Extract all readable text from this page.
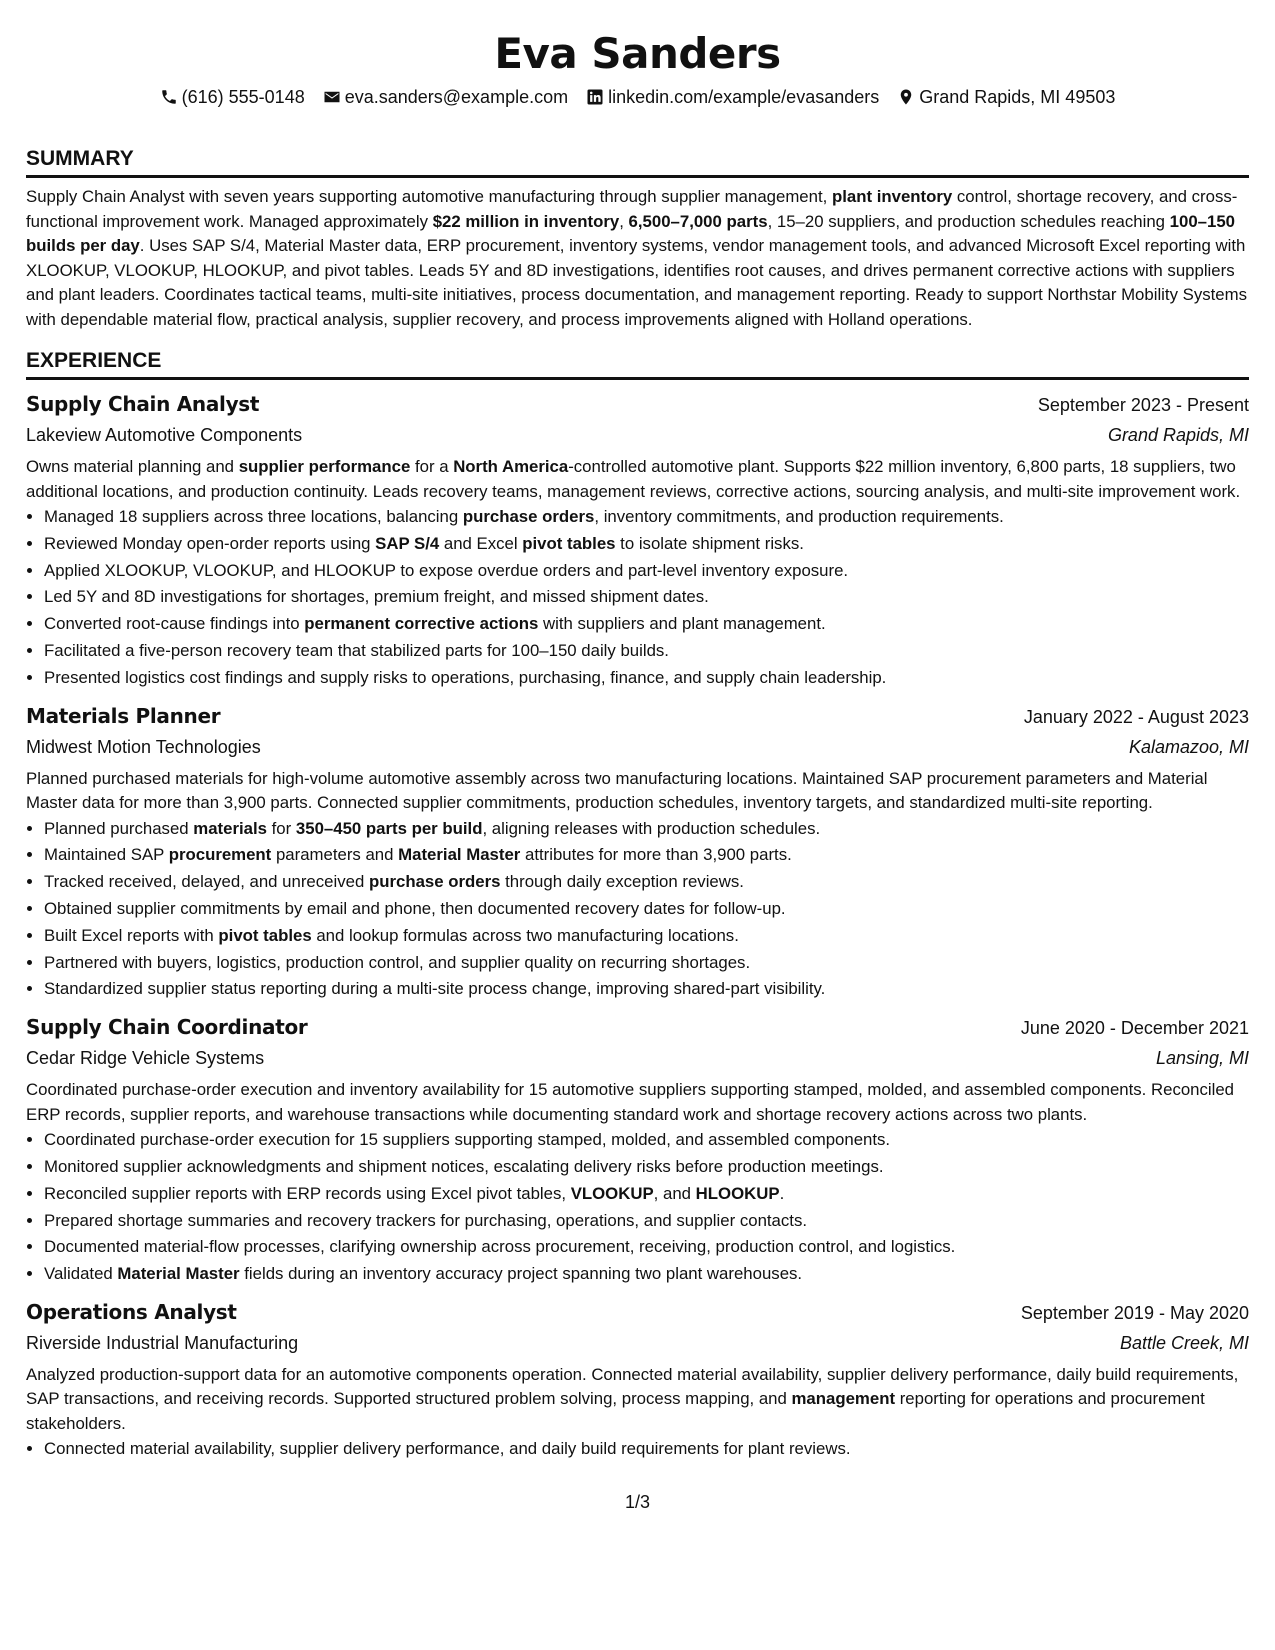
Eva Sanders
(616) 555-0148 eva.sanders@example.com linkedin.com/example/evasanders Grand Rapids, MI 49503
SUMMARY

Supply Chain Analyst with seven years supporting automotive manufacturing through supplier management, plant inventory control, shortage recovery, and cross-functional improvement work. Managed approximately $22 million in inventory, 6,500–7,000 parts, 15–20 suppliers, and production schedules reaching 100–150 builds per day. Uses SAP S/4, Material Master data, ERP procurement, inventory systems, vendor management tools, and advanced Microsoft Excel reporting with XLOOKUP, VLOOKUP, HLOOKUP, and pivot tables. Leads 5Y and 8D investigations, identifies root causes, and drives permanent corrective actions with suppliers and plant leaders. Coordinates tactical teams, multi-site initiatives, process documentation, and management reporting. Ready to support Northstar Mobility Systems with dependable material flow, practical analysis, supplier recovery, and process improvements aligned with Holland operations.

EXPERIENCE
Supply Chain Analyst	September 2023 - Present
Lakeview Automotive Components	Grand Rapids, MI

Owns material planning and supplier performance for a North America-controlled automotive plant. Supports $22 million inventory, 6,800 parts, 18 suppliers, two additional locations, and production continuity. Leads recovery teams, management reviews, corrective actions, sourcing analysis, and multi-site improvement work.

• Managed 18 suppliers across three locations, balancing purchase orders, inventory commitments, and production requirements.
• Reviewed Monday open-order reports using SAP S/4 and Excel pivot tables to isolate shipment risks.
• Applied XLOOKUP, VLOOKUP, and HLOOKUP to expose overdue orders and part-level inventory exposure.
• Led 5Y and 8D investigations for shortages, premium freight, and missed shipment dates.
• Converted root-cause findings into permanent corrective actions with suppliers and plant management.
• Facilitated a five-person recovery team that stabilized parts for 100–150 daily builds.
• Presented logistics cost findings and supply risks to operations, purchasing, finance, and supply chain leadership.
Materials Planner	January 2022 - August 2023
Midwest Motion Technologies	Kalamazoo, MI

Planned purchased materials for high-volume automotive assembly across two manufacturing locations. Maintained SAP procurement parameters and Material Master data for more than 3,900 parts. Connected supplier commitments, production schedules, inventory targets, and standardized multi-site reporting.

• Planned purchased materials for 350–450 parts per build, aligning releases with production schedules.
• Maintained SAP procurement parameters and Material Master attributes for more than 3,900 parts.
• Tracked received, delayed, and unreceived purchase orders through daily exception reviews.
• Obtained supplier commitments by email and phone, then documented recovery dates for follow-up.
• Built Excel reports with pivot tables and lookup formulas across two manufacturing locations.
• Partnered with buyers, logistics, production control, and supplier quality on recurring shortages.
• Standardized supplier status reporting during a multi-site process change, improving shared-part visibility.
Supply Chain Coordinator	June 2020 - December 2021
Cedar Ridge Vehicle Systems	Lansing, MI

Coordinated purchase-order execution and inventory availability for 15 automotive suppliers supporting stamped, molded, and assembled components. Reconciled ERP records, supplier reports, and warehouse transactions while documenting standard work and shortage recovery actions across two plants.

• Coordinated purchase-order execution for 15 suppliers supporting stamped, molded, and assembled components.
• Monitored supplier acknowledgments and shipment notices, escalating delivery risks before production meetings.
• Reconciled supplier reports with ERP records using Excel pivot tables, VLOOKUP, and HLOOKUP.
• Prepared shortage summaries and recovery trackers for purchasing, operations, and supplier contacts.
• Documented material-flow processes, clarifying ownership across procurement, receiving, production control, and logistics.
• Validated Material Master fields during an inventory accuracy project spanning two plant warehouses.
Operations Analyst	September 2019 - May 2020
Riverside Industrial Manufacturing	Battle Creek, MI

Analyzed production-support data for an automotive components operation. Connected material availability, supplier delivery performance, daily build requirements, SAP transactions, and receiving records. Supported structured problem solving, process mapping, and management reporting for operations and procurement stakeholders.

• Connected material availability, supplier delivery performance, and daily build requirements for plant reviews.
1/3
